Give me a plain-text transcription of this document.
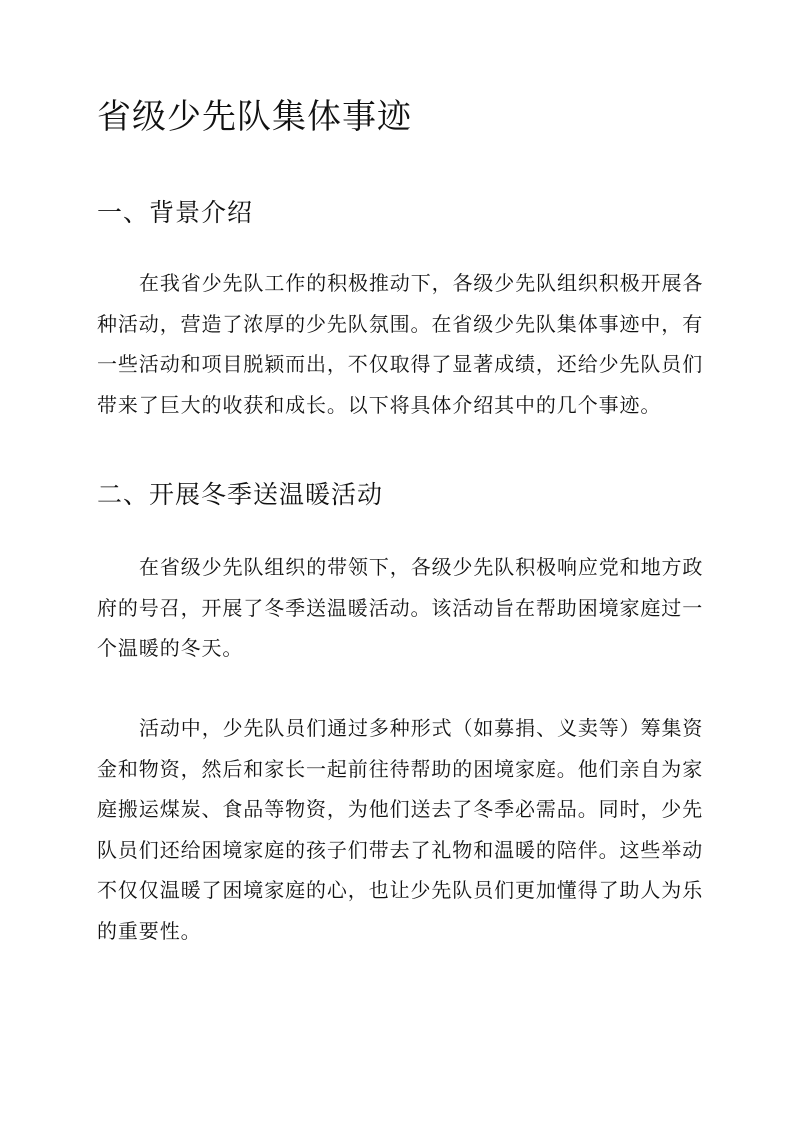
省级少先队集体事迹
一、背景介绍
在我省少先队工作的积极推动下，各级少先队组织积极开展各
种活动，营造了浓厚的少先队氛围。在省级少先队集体事迹中，有
一些活动和项目脱颖而出，不仅取得了显著成绩，还给少先队员们
带来了巨大的收获和成长。以下将具体介绍其中的几个事迹。
二、开展冬季送温暖活动
在省级少先队组织的带领下，各级少先队积极响应党和地方政
府的号召，开展了冬季送温暖活动。该活动旨在帮助困境家庭过一
个温暖的冬天。
活动中，少先队员们通过多种形式（如募捐、义卖等）筹集资
金和物资，然后和家长一起前往待帮助的困境家庭。他们亲自为家
庭搬运煤炭、食品等物资，为他们送去了冬季必需品。同时，少先
队员们还给困境家庭的孩子们带去了礼物和温暖的陪伴。这些举动
不仅仅温暖了困境家庭的心，也让少先队员们更加懂得了助人为乐
的重要性。
